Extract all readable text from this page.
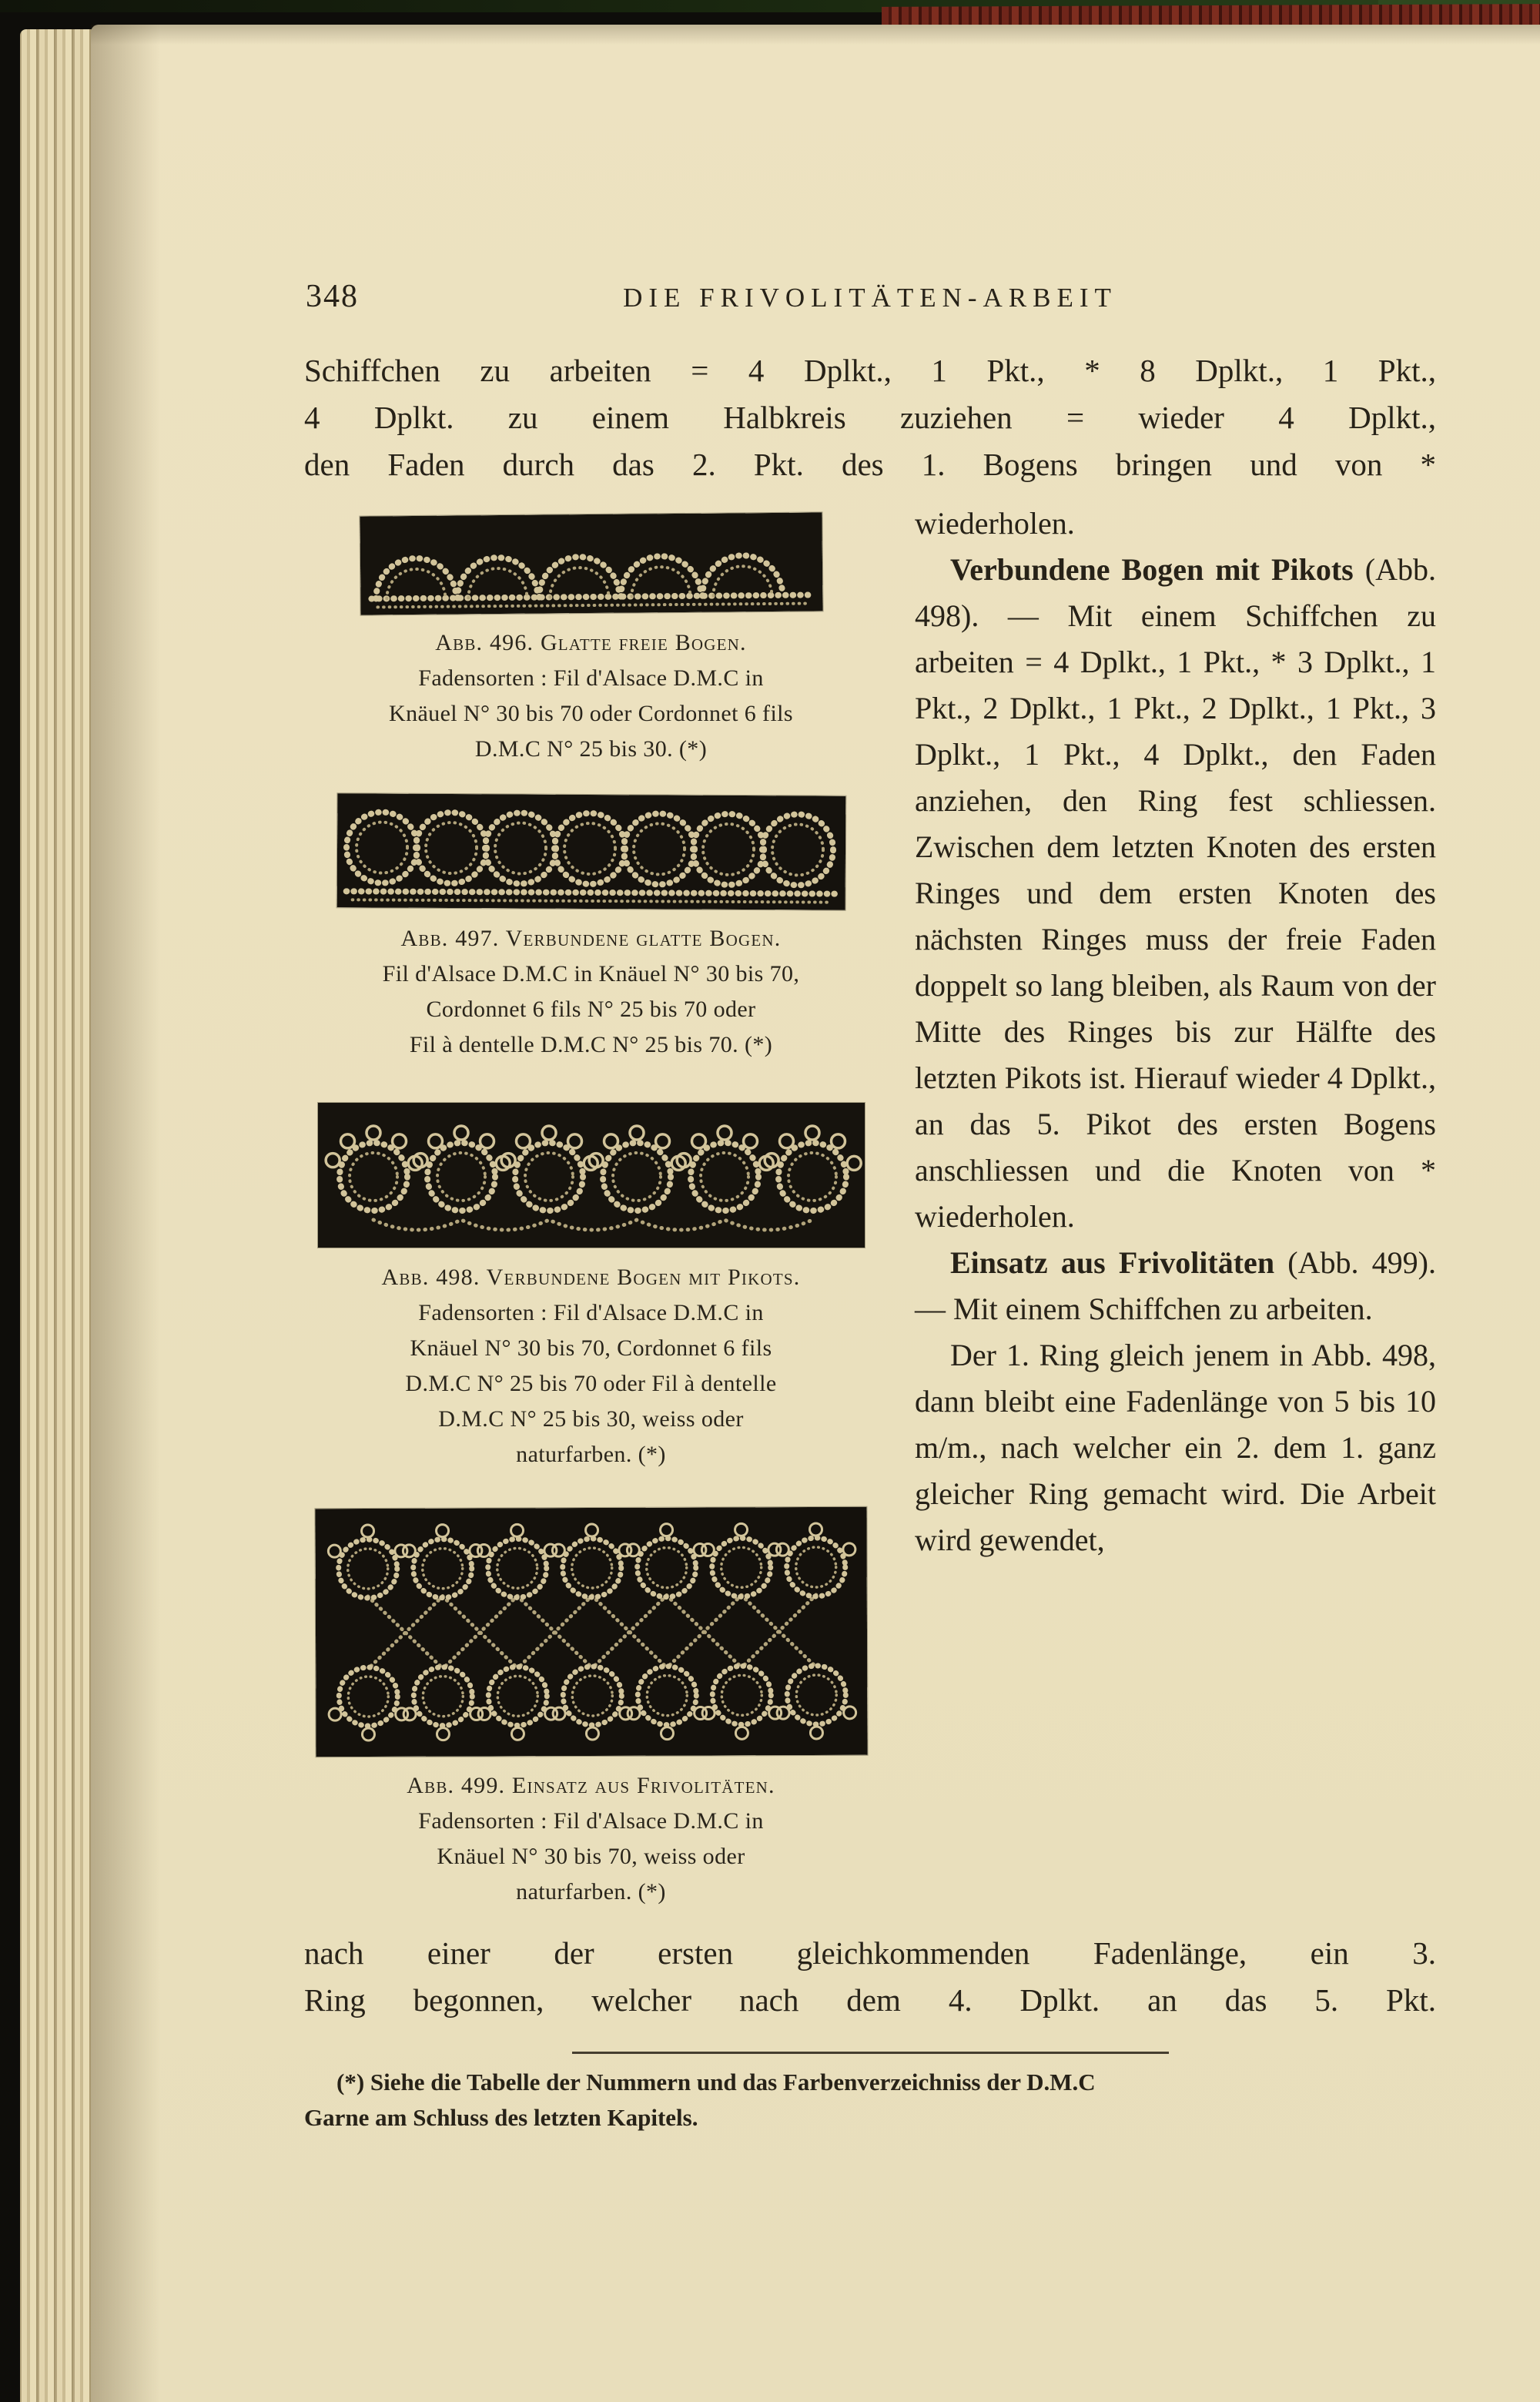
348	DIE FRIVOLITÄTEN-ARBEIT
Schiffchen zu arbeiten = 4 Dplkt., 1 Pkt., * 8 Dplkt., 1 Pkt.,
4 Dplkt. zu einem Halbkreis zuziehen = wieder 4 Dplkt.,
den Faden durch das 2. Pkt. des 1. Bogens bringen und von *
Abb. 496. Glatte freie Bogen.
Fadensorten : Fil d'Alsace D.M.C in
Knäuel N° 30 bis 70 oder Cordonnet 6 fils
D.M.C N° 25 bis 30. (*)
Abb. 497. Verbundene glatte Bogen.
Fil d'Alsace D.M.C in Knäuel N° 30 bis 70,
Cordonnet 6 fils N° 25 bis 70 oder
Fil à dentelle D.M.C N° 25 bis 70. (*)
Abb. 498. Verbundene Bogen mit Pikots.
Fadensorten : Fil d'Alsace D.M.C in
Knäuel N° 30 bis 70, Cordonnet 6 fils
D.M.C N° 25 bis 70 oder Fil à dentelle
D.M.C N° 25 bis 30, weiss oder
naturfarben. (*)
Abb. 499. Einsatz aus Frivolitäten.
Fadensorten : Fil d'Alsace D.M.C in
Knäuel N° 30 bis 70, weiss oder
naturfarben. (*)

wiederholen.

Verbundene Bogen mit Pikots (Abb. 498). — Mit einem Schiffchen zu arbeiten = 4 Dplkt., 1 Pkt., * 3 Dplkt., 1 Pkt., 2 Dplkt., 1 Pkt., 2 Dplkt., 1 Pkt., 3 Dplkt., 1 Pkt., 4 Dplkt., den Faden anziehen, den Ring fest schliessen. Zwischen dem letzten Knoten des ersten Ringes und dem ersten Knoten des nächsten Ringes muss der freie Faden doppelt so lang bleiben, als Raum von der Mitte des Ringes bis zur Hälfte des letzten Pikots ist. Hierauf wieder 4 Dplkt., an das 5. Pikot des ersten Bogens anschliessen und die Knoten von * wiederholen.

Einsatz aus Frivolitäten (Abb. 499). — Mit einem Schiffchen zu arbeiten.

Der 1. Ring gleich jenem in Abb. 498, dann bleibt eine Fadenlänge von 5 bis 10 m/m., nach welcher ein 2. dem 1. ganz gleicher Ring gemacht wird. Die Arbeit wird gewendet,

nach einer der ersten gleichkommenden Fadenlänge, ein 3.
Ring begonnen, welcher nach dem 4. Dplkt. an das 5. Pkt.
(*) Siehe die Tabelle der Nummern und das Farbenverzeichniss der D.M.C
Garne am Schluss des letzten Kapitels.
